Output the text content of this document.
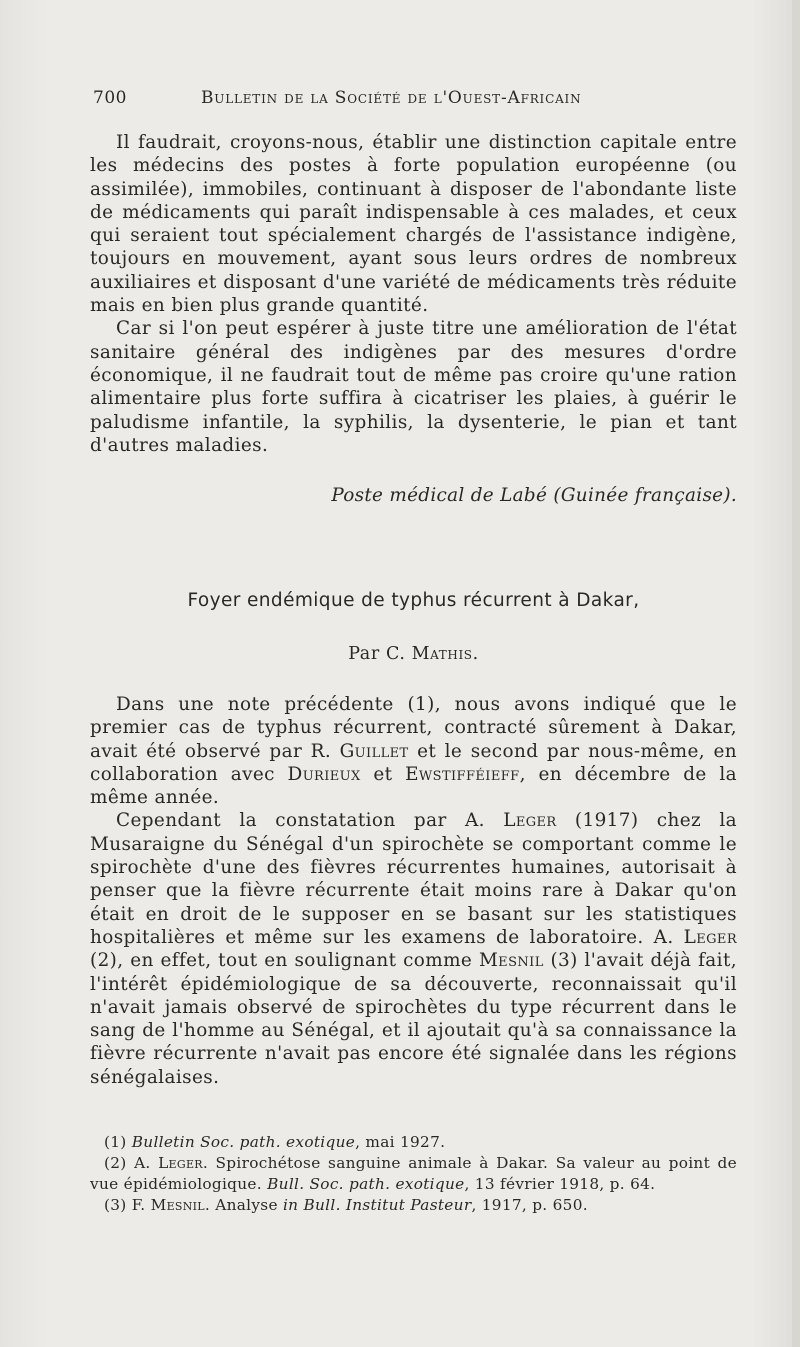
700	Bulletin de la Société de l'Ouest-Africain

Il faudrait, croyons-nous, établir une distinction capitale entre les médecins des postes à forte population européenne (ou assimilée), immobiles, continuant à disposer de l'abondante liste de médicaments qui paraît indispensable à ces malades, et ceux qui seraient tout spécialement chargés de l'assistance indigène, toujours en mouvement, ayant sous leurs ordres de nombreux auxiliaires et disposant d'une variété de médicaments très réduite mais en bien plus grande quantité.

Car si l'on peut espérer à juste titre une amélioration de l'état sanitaire général des indigènes par des mesures d'ordre économique, il ne faudrait tout de même pas croire qu'une ration alimentaire plus forte suffira à cicatriser les plaies, à guérir le paludisme infantile, la syphilis, la dysenterie, le pian et tant d'autres maladies.

Poste médical de Labé (Guinée française).
Foyer endémique de typhus récurrent à Dakar,
Par C. Mathis.

Dans une note précédente (1), nous avons indiqué que le premier cas de typhus récurrent, contracté sûrement à Dakar, avait été observé par R. Guillet et le second par nous-même, en collaboration avec Durieux et Ewstifféieff, en décembre de la même année.

Cependant la constatation par A. Leger (1917) chez la Musaraigne du Sénégal d'un spirochète se comportant comme le spirochète d'une des fièvres récurrentes humaines, autorisait à penser que la fièvre récurrente était moins rare à Dakar qu'on était en droit de le supposer en se basant sur les statistiques hospitalières et même sur les examens de laboratoire. A. Leger (2), en effet, tout en soulignant comme Mesnil (3) l'avait déjà fait, l'intérêt épidémiologique de sa découverte, reconnaissait qu'il n'avait jamais observé de spirochètes du type récurrent dans le sang de l'homme au Sénégal, et il ajoutait qu'à sa connaissance la fièvre récurrente n'avait pas encore été signalée dans les régions sénégalaises.

(1) Bulletin Soc. path. exotique, mai 1927.

(2) A. Leger. Spirochétose sanguine animale à Dakar. Sa valeur au point de vue épidémiologique. Bull. Soc. path. exotique, 13 février 1918, p. 64.

(3) F. Mesnil. Analyse in Bull. Institut Pasteur, 1917, p. 650.
